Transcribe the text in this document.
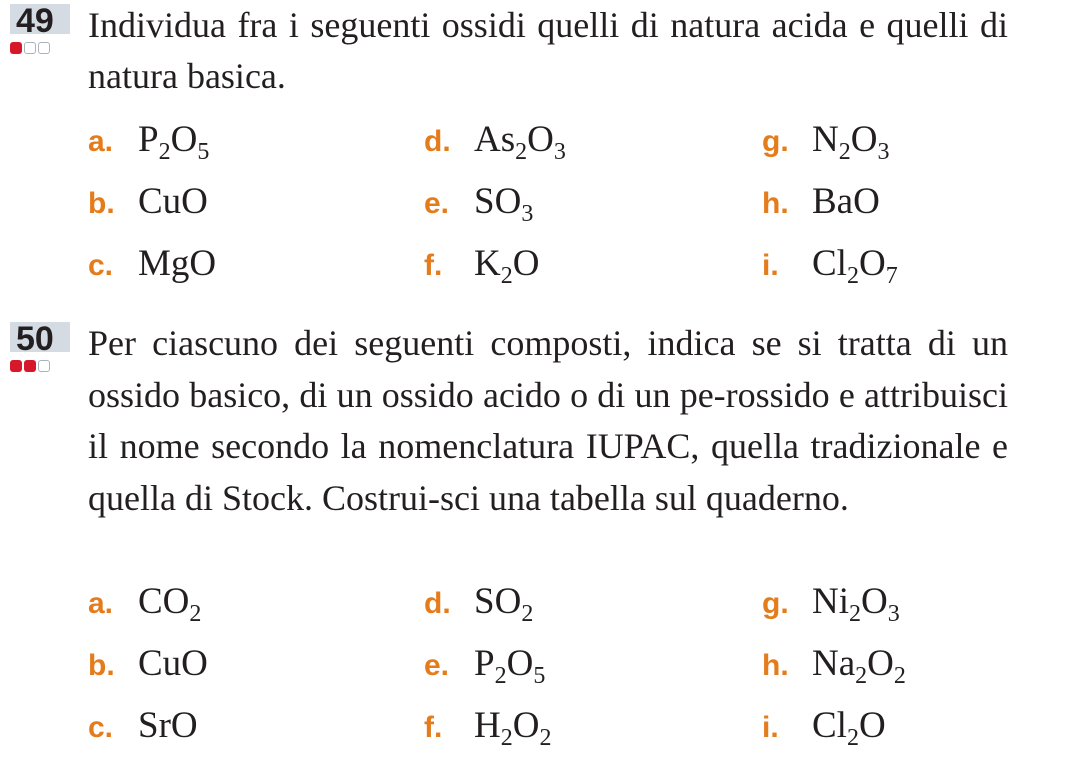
49 Individua fra i seguenti ossidi quelli di natura acida e quelli di natura basica.

a. $P_2O_5$
b. CuO
c. MgO
d. $As_2O_3$
e. $SO_3$
f. $K_2O$
g. $N_2O_3$
h. BaO
i. $Cl_2O_7$
50 Per ciascuno dei seguenti composti, indica se si tratta di un ossido basico, di un ossido acido o di un pe-rossido e attribuisci il nome secondo la nomenclatura IUPAC, quella tradizionale e quella di Stock. Costrui-sci una tabella sul quaderno.

a. $CO_2$
b. CuO
c. SrO
d. $SO_2$
e. $P_2O_5$
f. $H_2O_2$
g. $Ni_2O_3$
h. $Na_2O_2$
i. $Cl_2O$
